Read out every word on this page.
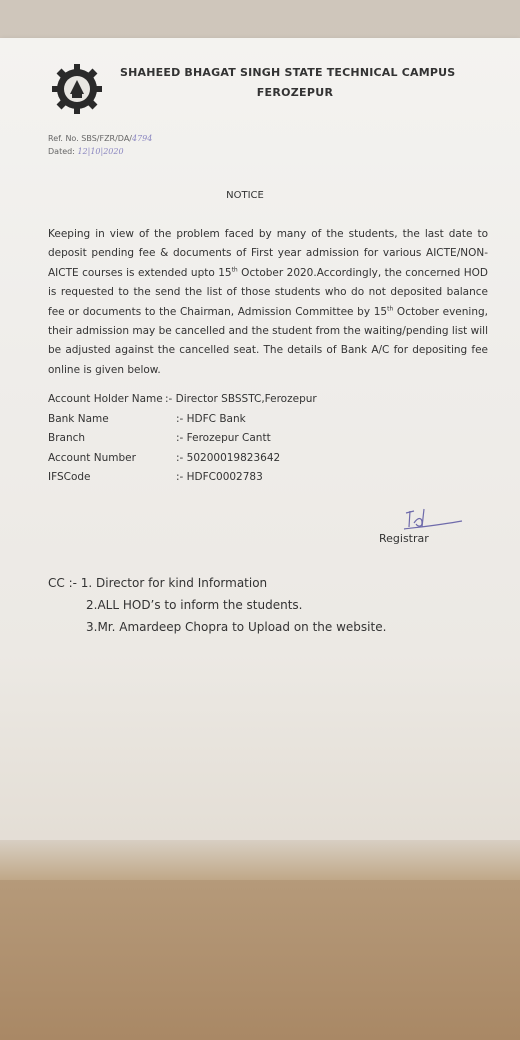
SHAHEED BHAGAT SINGH STATE TECHNICAL CAMPUS
FEROZEPUR
Ref. No. SBS/FZR/DA/4794
Dated: 12|10|2020
NOTICE
Keeping in view of the problem faced by many of the students, the last date to deposit pending fee & documents of First year admission for various AICTE/NON-AICTE courses is extended upto 15th October 2020.Accordingly, the concerned HOD is requested to the send the list of those students who do not deposited balance fee or documents to the Chairman, Admission Committee by 15th October evening, their admission may be cancelled and the student from the waiting/pending list will be adjusted against the cancelled seat. The details of Bank A/C for depositing fee online is given below.
Account Holder Name :- Director SBSSTC,Ferozepur
Bank Name	:- HDFC Bank
Branch	:- Ferozepur Cantt
Account Number	:- 50200019823642
IFSCode	:- HDFC0002783
Registrar
CC :- 1. Director for kind Information
2.ALL HOD’s to inform the students.
3.Mr. Amardeep Chopra to Upload on the website.
